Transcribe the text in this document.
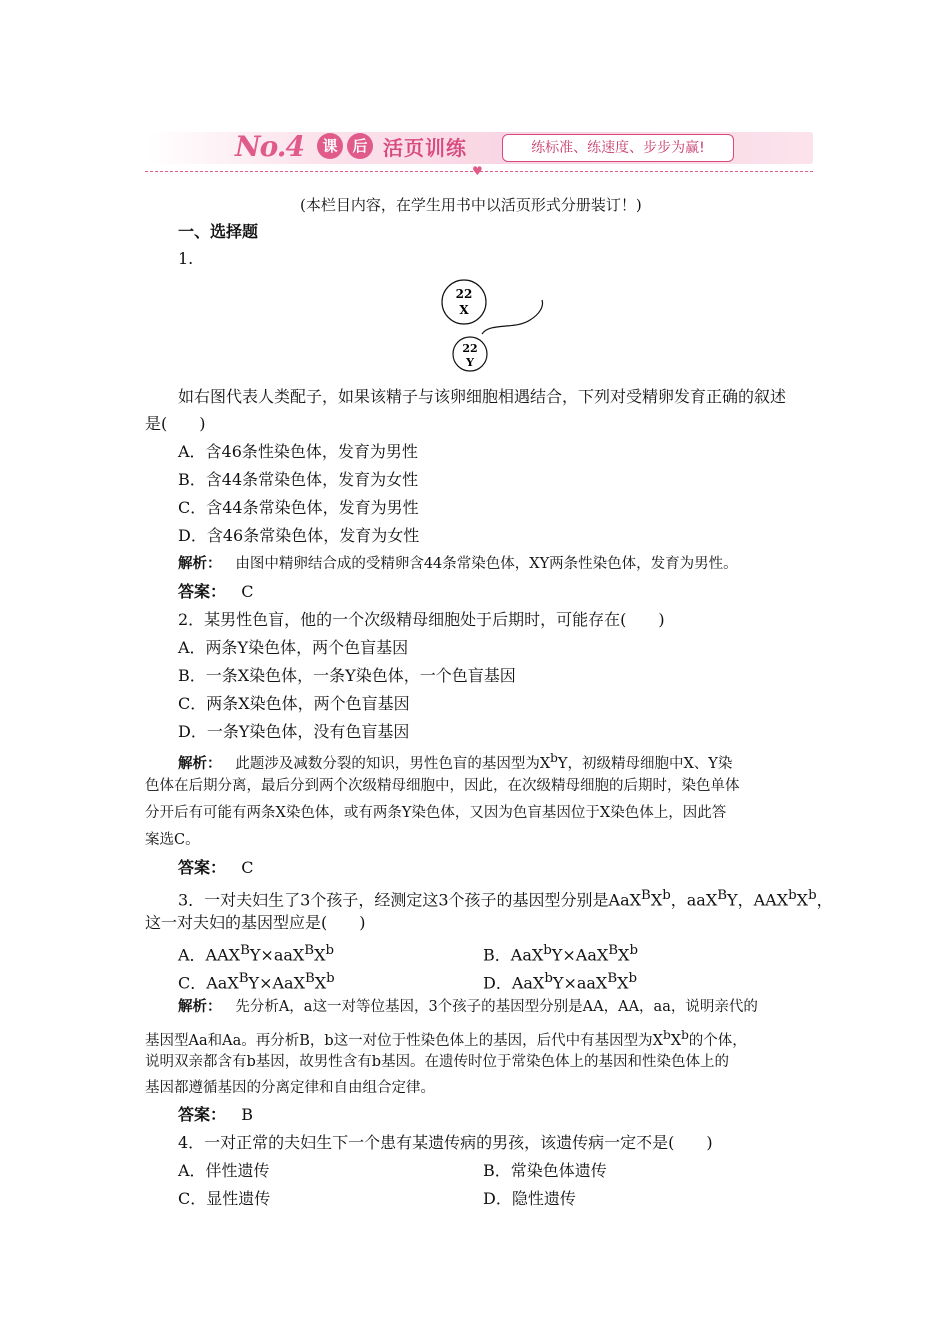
No.4	课 后 活页训练	练标准、练速度、步步为赢!
♥
(本栏目内容，在学生用书中以活页形式分册装订！)
一、选择题
1.
22
X
22
Y
如右图代表人类配子，如果该精子与该卵细胞相遇结合，下列对受精卵发育正确的叙述
是(　　)
A．含46条性染色体，发育为男性
B．含44条常染色体，发育为女性
C．含44条常染色体，发育为男性
D．含46条常染色体，发育为女性
解析： 由图中精卵结合成的受精卵含44条常染色体，XY两条性染色体，发育为男性。
答案： C
2．某男性色盲，他的一个次级精母细胞处于后期时，可能存在(　　)
A．两条Y染色体，两个色盲基因
B．一条X染色体，一条Y染色体，一个色盲基因
C．两条X染色体，两个色盲基因
D．一条Y染色体，没有色盲基因
解析： 此题涉及减数分裂的知识，男性色盲的基因型为$X^bY$，初级精母细胞中X、Y染
色体在后期分离，最后分到两个次级精母细胞中，因此，在次级精母细胞的后期时，染色单体
分开后有可能有两条X染色体，或有两条Y染色体，又因为色盲基因位于X染色体上，因此答
案选C。
答案： C
3．一对夫妇生了3个孩子，经测定这3个孩子的基因型分别是$AaX^BX^b$，aaX$^B$Y，$AAX^bX^b$，
这一对夫妇的基因型应是(　　)
A．$AAX^BY\times aaX^BX^b$	B．$AaX^bY\times AaX^BX^b$
C．$AaX^BY\times AaX^BX^b$	D．$AaX^bY\times aaX^BX^b$
解析： 先分析A，a这一对等位基因，3个孩子的基因型分别是AA，AA，aa，说明亲代的
基因型Aa和Aa。再分析B，b这一对位于性染色体上的基因，后代中有基因型为$X^bX^b$的个体，
说明双亲都含有b基因，故男性含有b基因。在遗传时位于常染色体上的基因和性染色体上的
基因都遵循基因的分离定律和自由组合定律。
答案： B
4．一对正常的夫妇生下一个患有某遗传病的男孩，该遗传病一定不是(　　)
A．伴性遗传	B．常染色体遗传
C．显性遗传	D．隐性遗传
